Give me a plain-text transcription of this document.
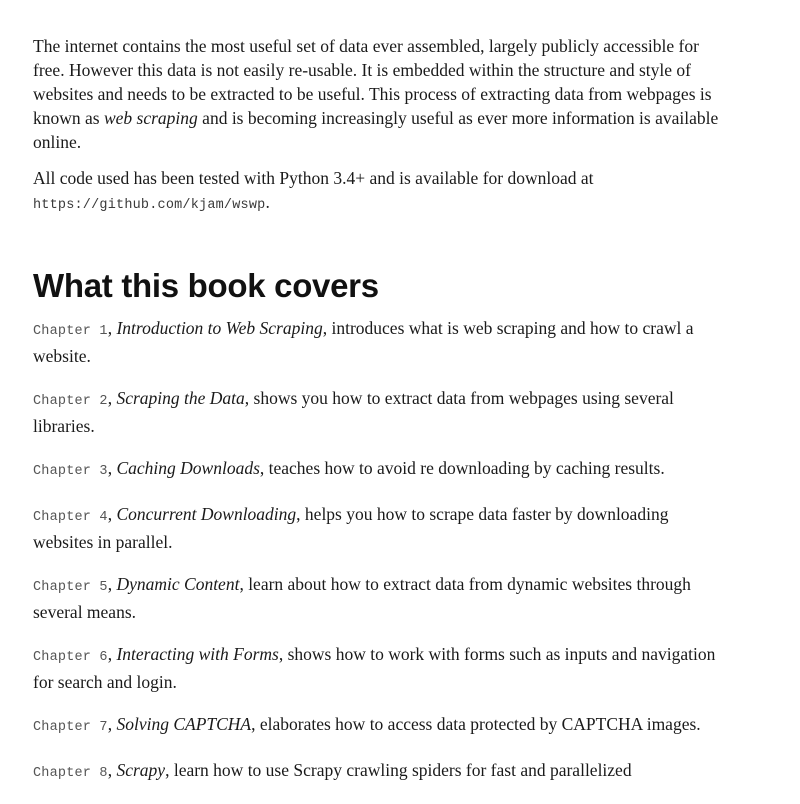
The internet contains the most useful set of data ever assembled, largely publicly accessible for free. However this data is not easily re-usable. It is embedded within the structure and style of websites and needs to be extracted to be useful. This process of extracting data from webpages is known as web scraping and is becoming increasingly useful as ever more information is available online.

All code used has been tested with Python 3.4+ and is available for download at https://github.com/kjam/wswp.

What this book covers

Chapter 1, Introduction to Web Scraping, introduces what is web scraping and how to crawl a website.

Chapter 2, Scraping the Data, shows you how to extract data from webpages using several libraries.

Chapter 3, Caching Downloads, teaches how to avoid re downloading by caching results.

Chapter 4, Concurrent Downloading, helps you how to scrape data faster by downloading websites in parallel.

Chapter 5, Dynamic Content, learn about how to extract data from dynamic websites through several means.

Chapter 6, Interacting with Forms, shows how to work with forms such as inputs and navigation for search and login.

Chapter 7, Solving CAPTCHA, elaborates how to access data protected by CAPTCHA images.

Chapter 8, Scrapy, learn how to use Scrapy crawling spiders for fast and parallelized
